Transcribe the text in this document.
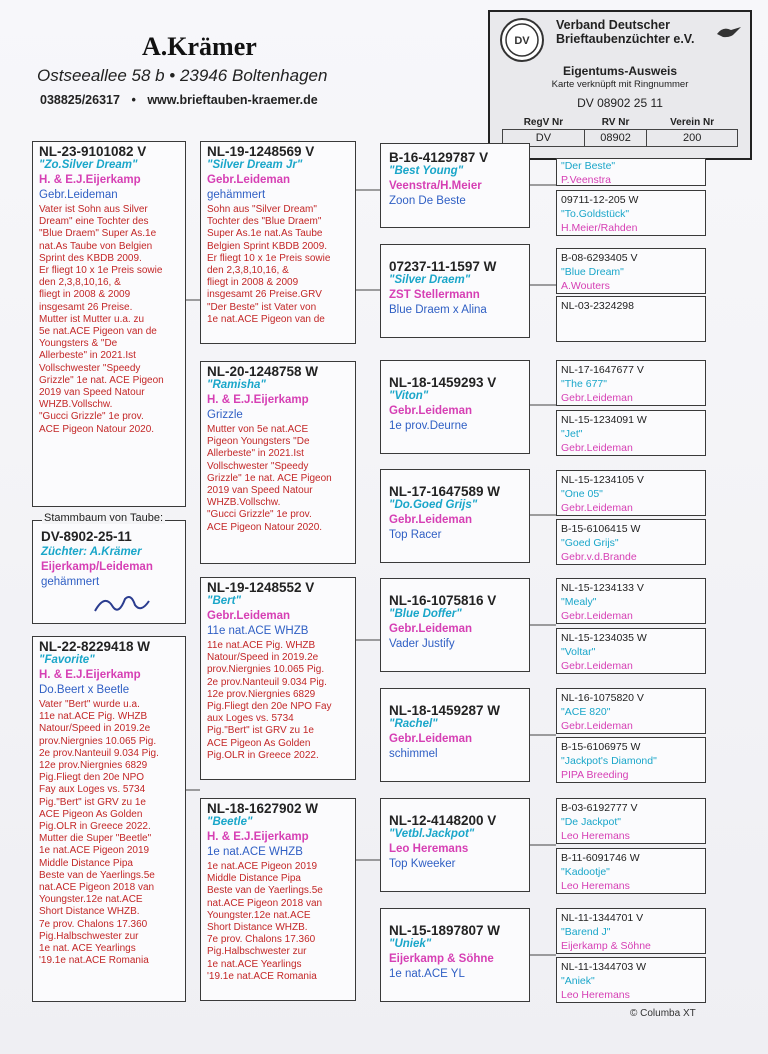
A.Krämer
Ostseeallee 58 b • 23946 Boltenhagen
038825/26317 • www.brieftauben-kraemer.de
DV
Verband Deutscher
Brieftaubenzüchter e.V.
Eigentums-Ausweis
Karte verknüpft mit Ringnummer
DV 08902 25 11
RegV Nr	RV Nr	Verein Nr
DV	08902	200
NL-23-9101082 V
"Zo.Silver Dream"
H. & E.J.Eijerkamp
Gebr.Leideman
Vater ist Sohn aus Silver
Dream" eine Tochter des
"Blue Draem" Super As.1e
nat.As Taube von Belgien
Sprint des KBDB 2009.
Er fliegt 10 x 1e Preis sowie
den 2,3,8,10,16, &
fliegt in 2008 & 2009
insgesamt 26 Preise.
Mutter ist Mutter u.a. zu
5e nat.ACE Pigeon van de
Youngsters & "De
Allerbeste" in 2021.Ist
Vollschwester "Speedy
Grizzle" 1e nat. ACE Pigeon
2019 van Speed Natour
WHZB.Vollschw.
"Gucci Grizzle" 1e prov.
ACE Pigeon Natour 2020.
DV-8902-25-11
Züchter: A.Krämer
Eijerkamp/Leideman
gehämmert
Stammbaum von Taube:
NL-22-8229418 W
"Favorite"
H. & E.J.Eijerkamp
Do.Beert x Beetle
Vater "Bert" wurde u.a.
11e nat.ACE Pig. WHZB
Natour/Speed in 2019.2e
prov.Niergnies 10.065 Pig.
2e prov.Nanteuil 9.034 Pig.
12e prov.Niergnies 6829
Pig.Fliegt den 20e NPO
Fay aux Loges vs. 5734
Pig."Bert" ist GRV zu 1e
ACE Pigeon As Golden
Pig.OLR in Greece 2022.
Mutter die Super "Beetle"
1e nat.ACE Pigeon 2019
Middle Distance Pipa
Beste van de Yaerlings.5e
nat.ACE Pigeon 2018 van
Youngster.12e nat.ACE
Short Distance WHZB.
7e prov. Chalons 17.360
Pig.Halbschwester zur
1e nat. ACE Yearlings
'19.1e nat.ACE Romania
NL-19-1248569 V
"Silver Dream Jr"
Gebr.Leideman
gehämmert
Sohn aus "Silver Dream"
Tochter des "Blue Draem"
Super As.1e nat.As Taube
Belgien Sprint KBDB 2009.
Er fliegt 10 x 1e Preis sowie
den 2,3,8,10,16, &
fliegt in 2008 & 2009
insgesamt 26 Preise.GRV
"Der Beste" ist Vater von
1e nat.ACE Pigeon van de
NL-20-1248758 W
"Ramisha"
H. & E.J.Eijerkamp
Grizzle
Mutter von 5e nat.ACE
Pigeon Youngsters "De
Allerbeste" in 2021.Ist
Vollschwester "Speedy
Grizzle" 1e nat. ACE Pigeon
2019 van Speed Natour
WHZB.Vollschw.
"Gucci Grizzle" 1e prov.
ACE Pigeon Natour 2020.
NL-19-1248552 V
"Bert"
Gebr.Leideman
11e nat.ACE WHZB
11e nat.ACE Pig. WHZB
Natour/Speed in 2019.2e
prov.Niergnies 10.065 Pig.
2e prov.Nanteuil 9.034 Pig.
12e prov.Niergnies 6829
Pig.Fliegt den 20e NPO Fay
aux Loges vs. 5734
Pig."Bert" ist GRV zu 1e
ACE Pigeon As Golden
Pig.OLR in Greece 2022.
NL-18-1627902 W
"Beetle"
H. & E.J.Eijerkamp
1e nat.ACE WHZB
1e nat.ACE Pigeon 2019
Middle Distance Pipa
Beste van de Yaerlings.5e
nat.ACE Pigeon 2018 van
Youngster.12e nat.ACE
Short Distance WHZB.
7e prov. Chalons 17.360
Pig.Halbschwester zur
1e nat.ACE Yearlings
'19.1e nat.ACE Romania
B-16-4129787 V
"Best Young"
Veenstra/H.Meier
Zoon De Beste
07237-11-1597 W
"Silver Draem"
ZST Stellermann
Blue Draem x Alina
NL-18-1459293 V
"Viton"
Gebr.Leideman
1e prov.Deurne
NL-17-1647589 W
"Do.Goed Grijs"
Gebr.Leideman
Top Racer
NL-16-1075816 V
"Blue Doffer"
Gebr.Leideman
Vader Justify
NL-18-1459287 W
"Rachel"
Gebr.Leideman
schimmel
NL-12-4148200 V
"Vetbl.Jackpot"
Leo Heremans
Top Kweeker
NL-15-1897807 W
"Uniek"
Eijerkamp & Söhne
1e nat.ACE YL
"Der Beste"
P.Veenstra
09711-12-205 W
"To.Goldstück"
H.Meier/Rahden
B-08-6293405 V
"Blue Dream"
A.Wouters
NL-03-2324298
NL-17-1647677 V
"The 677"
Gebr.Leideman
NL-15-1234091 W
"Jet"
Gebr.Leideman
NL-15-1234105 V
"One 05"
Gebr.Leideman
B-15-6106415 W
"Goed Grijs"
Gebr.v.d.Brande
NL-15-1234133 V
"Mealy"
Gebr.Leideman
NL-15-1234035 W
"Voltar"
Gebr.Leideman
NL-16-1075820 V
"ACE 820"
Gebr.Leideman
B-15-6106975 W
"Jackpot's Diamond"
PIPA Breeding
B-03-6192777 V
"De Jackpot"
Leo Heremans
B-11-6091746 W
"Kadootje"
Leo Heremans
NL-11-1344701 V
"Barend J"
Eijerkamp & Söhne
NL-11-1344703 W
"Aniek"
Leo Heremans
© Columba XT
